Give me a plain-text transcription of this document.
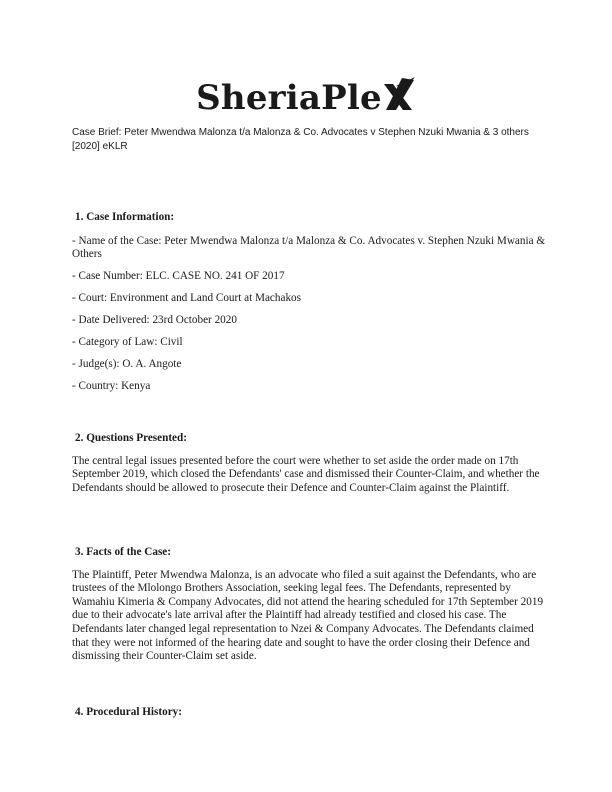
SheriaPle

Case Brief: Peter Mwendwa Malonza t/a Malonza & Co. Advocates v Stephen Nzuki Mwania & 3 others [2020] eKLR

1. Case Information:

- Name of the Case: Peter Mwendwa Malonza t/a Malonza & Co. Advocates v. Stephen Nzuki Mwania & Others

- Case Number: ELC. CASE NO. 241 OF 2017

- Court: Environment and Land Court at Machakos

- Date Delivered: 23rd October 2020

- Category of Law: Civil

- Judge(s): O. A. Angote

- Country: Kenya

2. Questions Presented:

The central legal issues presented before the court were whether to set aside the order made on 17th September 2019, which closed the Defendants' case and dismissed their Counter-Claim, and whether the Defendants should be allowed to prosecute their Defence and Counter-Claim against the Plaintiff.

3. Facts of the Case:

The Plaintiff, Peter Mwendwa Malonza, is an advocate who filed a suit against the Defendants, who are trustees of the Mlolongo Brothers Association, seeking legal fees. The Defendants, represented by Wamahiu Kimeria & Company Advocates, did not attend the hearing scheduled for 17th September 2019 due to their advocate's late arrival after the Plaintiff had already testified and closed his case. The Defendants later changed legal representation to Nzei & Company Advocates. The Defendants claimed that they were not informed of the hearing date and sought to have the order closing their Defence and dismissing their Counter-Claim set aside.

4. Procedural History:
